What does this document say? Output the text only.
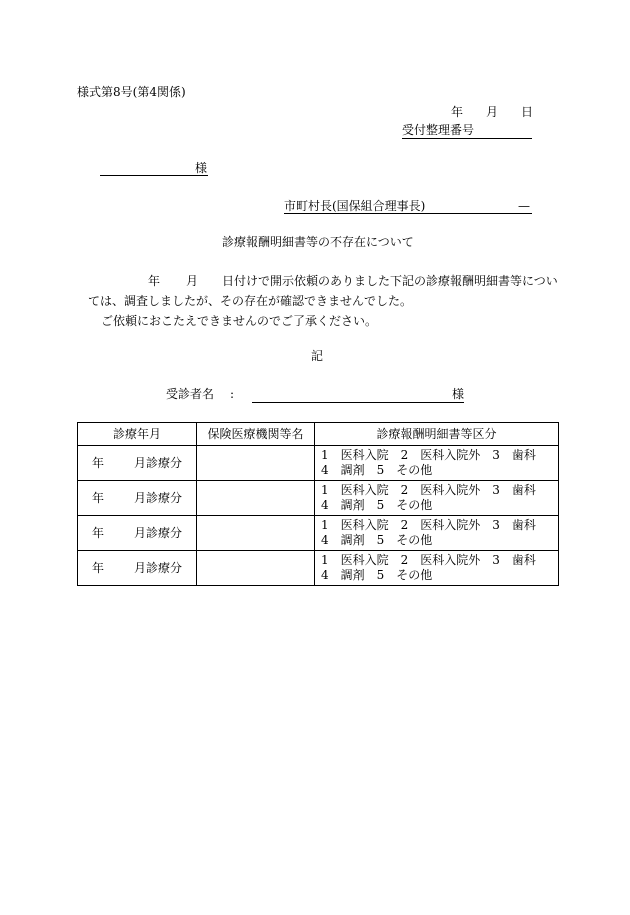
様式第8号(第4関係)
年 月 日
受付整理番号
様
市町村長(国保組合理事長)	—
診療報酬明細書等の不存在について
年 月 日付けで開示依頼のありました下記の診療報酬明細書等につい
ては、調査しましたが、その存在が確認できませんでした。
ご依頼におこたえできませんのでご了承ください。
記
受診者名 :	様
診療年月	保険医療機関等名	診療報酬明細書等区分
年 月診療分		1　医科入院　2　医科入院外　3　歯科
4　調剤　5　その他

年 月診療分		1　医科入院　2　医科入院外　3　歯科
4　調剤　5　その他

年 月診療分		1　医科入院　2　医科入院外　3　歯科
4　調剤　5　その他

年 月診療分		1　医科入院　2　医科入院外　3　歯科
4　調剤　5　その他
